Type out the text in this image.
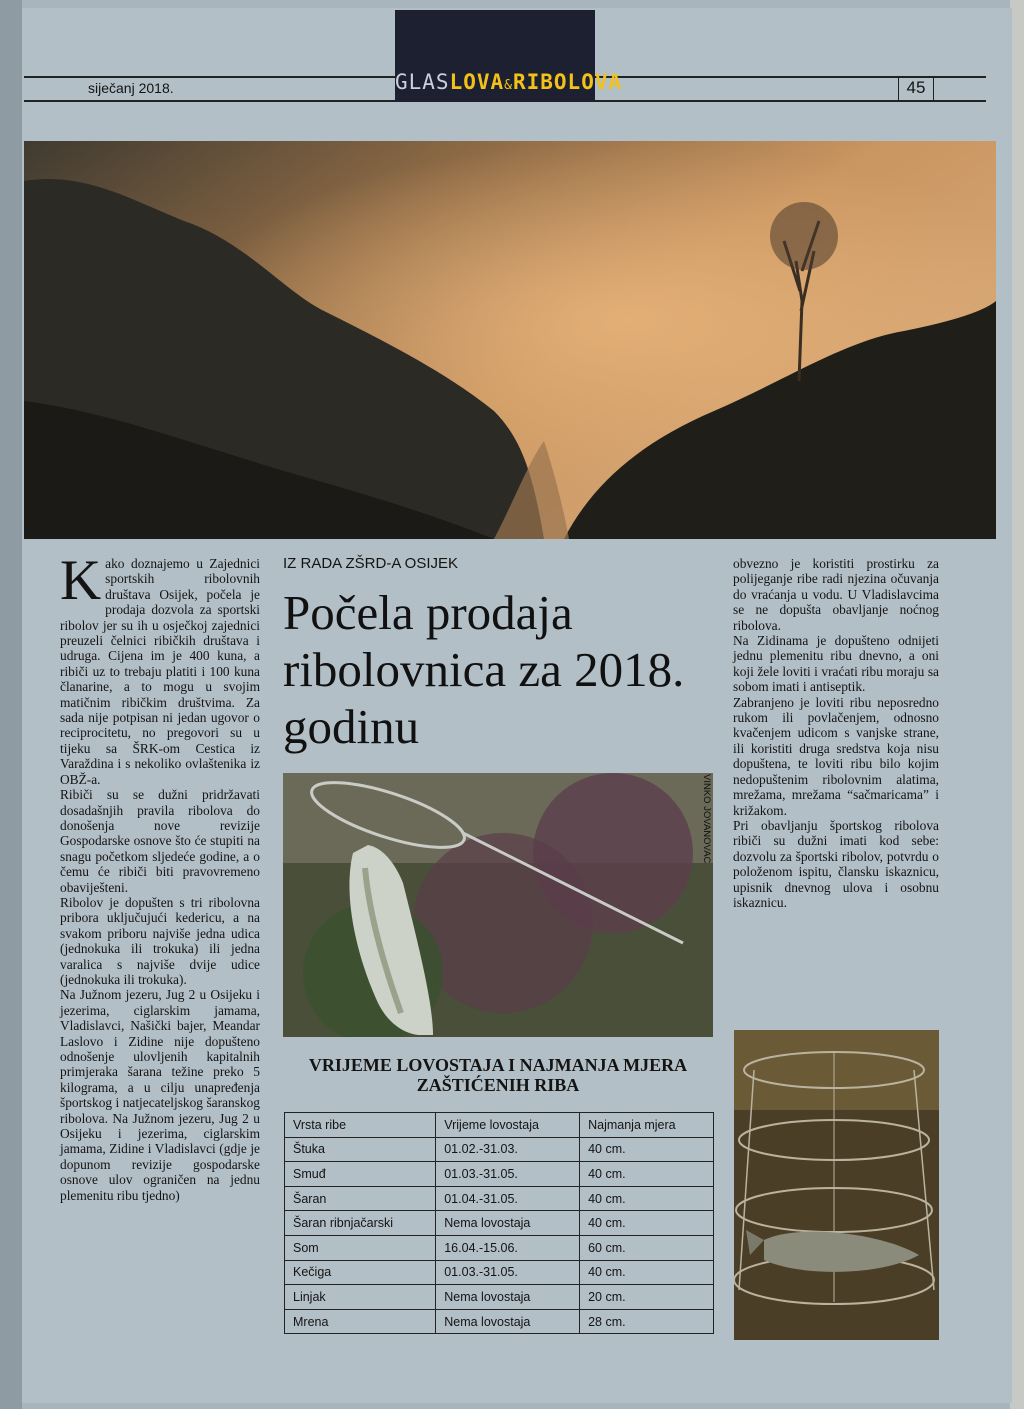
siječanj 2018.	GLASLOVA&RIBOLOVA	45
K ako doznajemo u Zajednici sportskih ribolovnih društava Osijek, počela je prodaja dozvola za sportski ribolov jer su ih u osječkoj zajednici preuzeli čelnici ribičkih društava i udruga. Cijena im je 400 kuna, a ribiči uz to trebaju platiti i 100 kuna članarine, a to mogu u svojim matičnim ribičkim društvima. Za sada nije potpisan ni jedan ugovor o reciprocitetu, no pregovori su u tijeku sa ŠRK-om Cestica iz Varaždina i s nekoliko ovlaštenika iz OBŽ-a.

Ribiči su se dužni pridržavati dosadašnjih pravila ribolova do donošenja nove revizije Gospodarske osnove što će stupiti na snagu početkom sljedeće godine, a o čemu će ribiči biti pravovremeno obaviješteni.

Ribolov je dopušten s tri ribolovna pribora uključujući kedericu, a na svakom priboru najviše jedna udica (jednokuka ili trokuka) ili jedna varalica s najviše dvije udice (jednokuka ili trokuka).

Na Južnom jezeru, Jug 2 u Osijeku i jezerima, ciglarskim jamama, Vladislavci, Našički bajer, Meandar Laslovo i Zidine nije dopušteno odnošenje ulovljenih kapitalnih primjeraka šarana težine preko 5 kilograma, a u cilju unapređenja športskog i natjecateljskog šaranskog ribolova. Na Južnom jezeru, Jug 2 u Osijeku i jezerima, ciglarskim jamama, Zidine i Vladislavci (gdje je dopunom revizije gospodarske osnove ulov ograničen na jednu plemenitu ribu tjedno)

IZ RADA ZŠRD-A OSIJEK
Počela prodaja ribolovnica za 2018. godinu
VINKO JOVANOVAC
VRIJEME LOVOSTAJA I NAJMANJA MJERA ZAŠTIĆENIH RIBA
Vrsta ribe	Vrijeme lovostaja	Najmanja mjera
Štuka	01.02.-31.03.	40 cm.
Smuđ	01.03.-31.05.	40 cm.
Šaran	01.04.-31.05.	40 cm.
Šaran ribnjačarski	Nema lovostaja	40 cm.
Som	16.04.-15.06.	60 cm.
Kečiga	01.03.-31.05.	40 cm.
Linjak	Nema lovostaja	20 cm.
Mrena	Nema lovostaja	28 cm.

obvezno je koristiti prostirku za polijeganje ribe radi njezina očuvanja do vraćanja u vodu. U Vladislavcima se ne dopušta obavljanje noćnog ribolova.

Na Zidinama je dopušteno odnijeti jednu plemenitu ribu dnevno, a oni koji žele loviti i vraćati ribu moraju sa sobom imati i antiseptik.

Zabranjeno je loviti ribu neposredno rukom ili povlačenjem, odnosno kvačenjem udicom s vanjske strane, ili koristiti druga sredstva koja nisu dopuštena, te loviti ribu bilo kojim nedopuštenim ribolovnim alatima, mrežama, mrežama “sačmaricama” i križakom.

Pri obavljanju športskog ribolova ribiči su dužni imati kod sebe: dozvolu za športski ribolov, potvrdu o položenom ispitu, člansku iskaznicu, upisnik dnevnog ulova i osobnu iskaznicu.
